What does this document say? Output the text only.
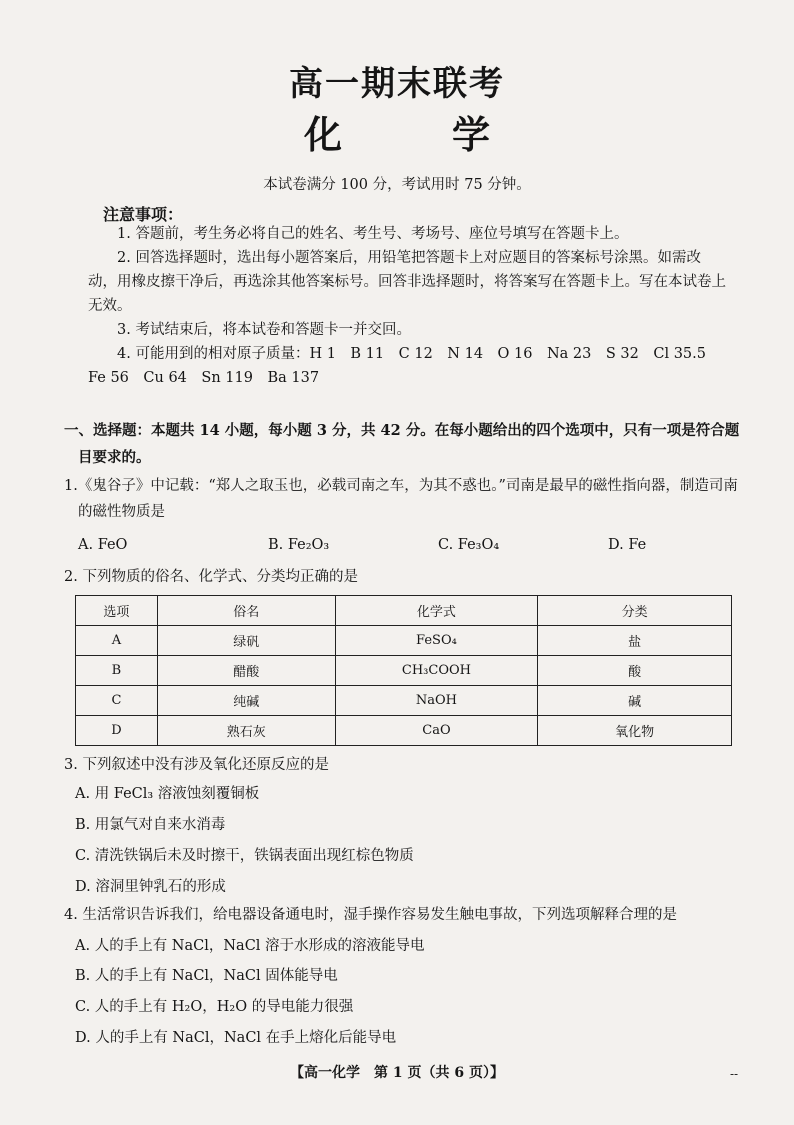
高一期末联考
化　学
本试卷满分 100 分，考试用时 75 分钟。
注意事项：

1. 答题前，考生务必将自己的姓名、考生号、考场号、座位号填写在答题卡上。

2. 回答选择题时，选出每小题答案后，用铅笔把答题卡上对应题目的答案标号涂黑。如需改动，用橡皮擦干净后，再选涂其他答案标号。回答非选择题时，将答案写在答题卡上。写在本试卷上无效。

3. 考试结束后，将本试卷和答题卡一并交回。

4. 可能用到的相对原子质量：H 1　B 11　C 12　N 14　O 16　Na 23　S 32　Cl 35.5　Fe 56　Cu 64　Sn 119　Ba 137

一、选择题：本题共 14 小题，每小题 3 分，共 42 分。在每小题给出的四个选项中，只有一项是符合题目要求的。
1.《鬼谷子》中记载：“郑人之取玉也，必载司南之车，为其不惑也。”司南是最早的磁性指向器，制造司南的磁性物质是
A. FeO	B. Fe₂O₃	C. Fe₃O₄	D. Fe
2. 下列物质的俗名、化学式、分类均正确的是
选项	俗名	化学式	分类
A	绿矾	FeSO₄	盐
B	醋酸	CH₃COOH	酸
C	纯碱	NaOH	碱
D	熟石灰	CaO	氧化物
3. 下列叙述中没有涉及氧化还原反应的是
A. 用 FeCl₃ 溶液蚀刻覆铜板
B. 用氯气对自来水消毒
C. 清洗铁锅后未及时擦干，铁锅表面出现红棕色物质
D. 溶洞里钟乳石的形成
4. 生活常识告诉我们，给电器设备通电时，湿手操作容易发生触电事故，下列选项解释合理的是
A. 人的手上有 NaCl，NaCl 溶于水形成的溶液能导电
B. 人的手上有 NaCl，NaCl 固体能导电
C. 人的手上有 H₂O，H₂O 的导电能力很强
D. 人的手上有 NaCl，NaCl 在手上熔化后能导电
【高一化学　第 1 页（共 6 页）】	--
